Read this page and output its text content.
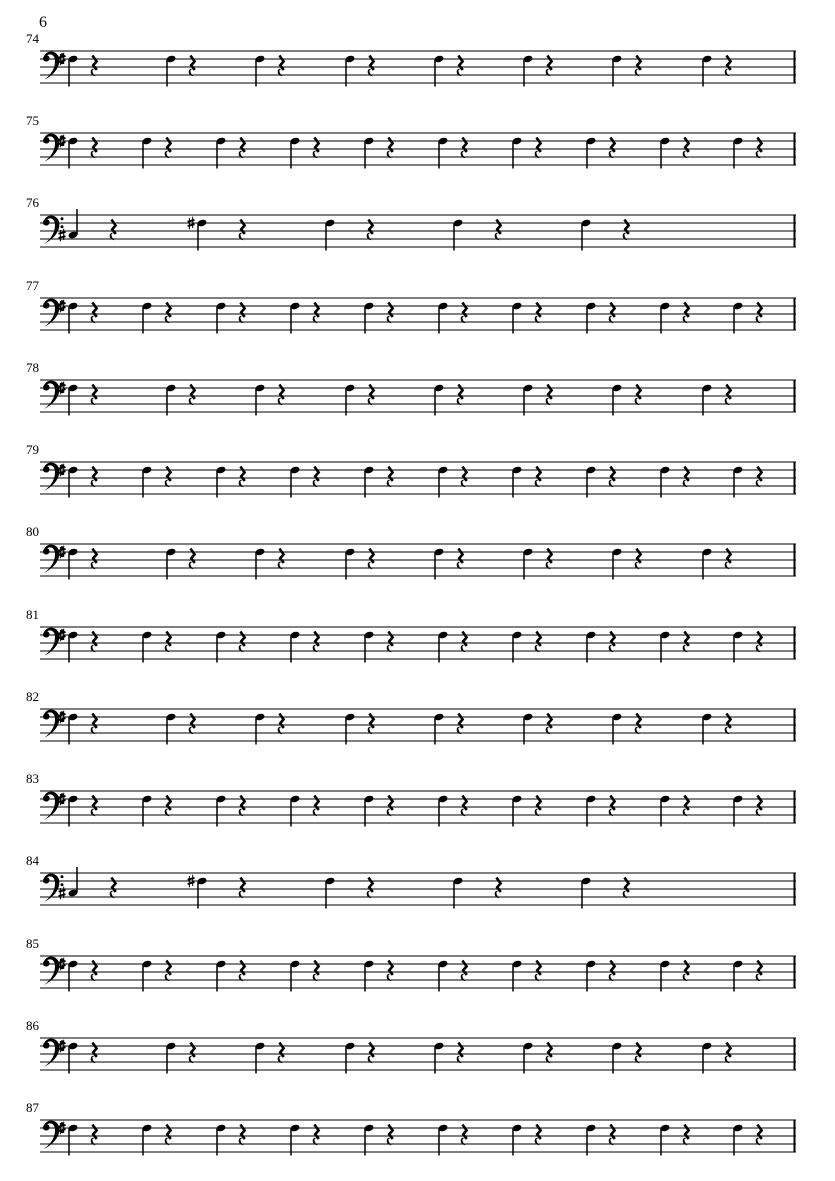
6
74
75
76
77
78
79
80
81
82
83
84
85
86
87
